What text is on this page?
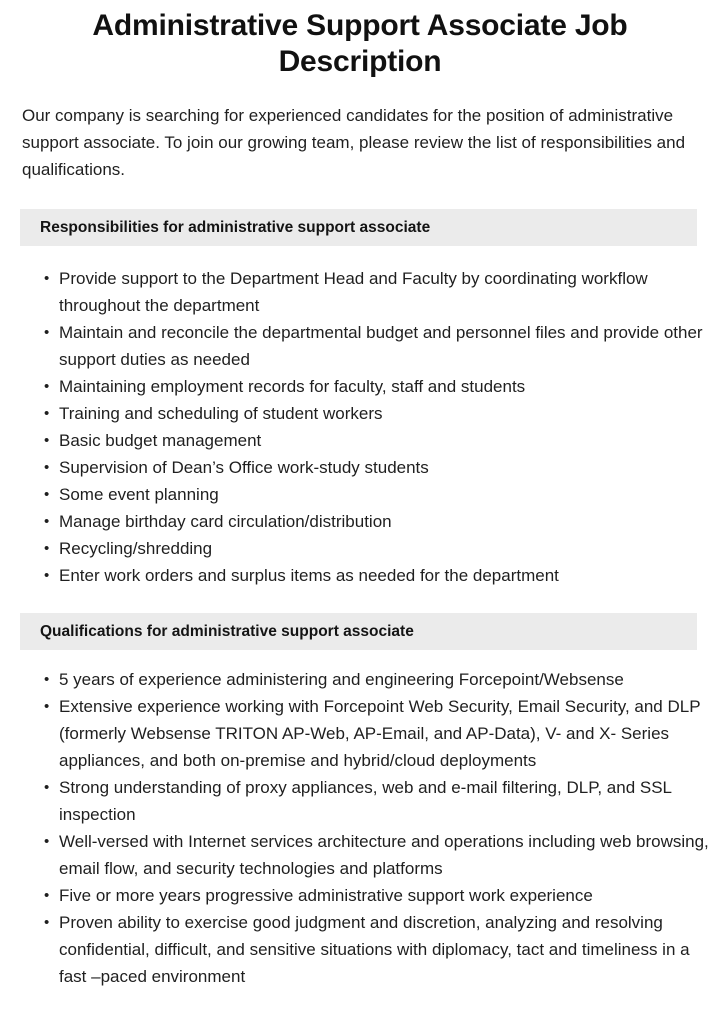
Administrative Support Associate Job Description

Our company is searching for experienced candidates for the position of administrative support associate. To join our growing team, please review the list of responsibilities and qualifications.

Responsibilities for administrative support associate
• Provide support to the Department Head and Faculty by coordinating workflow throughout the department
• Maintain and reconcile the departmental budget and personnel files and provide other support duties as needed
• Maintaining employment records for faculty, staff and students
• Training and scheduling of student workers
• Basic budget management
• Supervision of Dean’s Office work-study students
• Some event planning
• Manage birthday card circulation/distribution
• Recycling/shredding
• Enter work orders and surplus items as needed for the department
Qualifications for administrative support associate
• 5 years of experience administering and engineering Forcepoint/Websense
• Extensive experience working with Forcepoint Web Security, Email Security, and DLP (formerly Websense TRITON AP-Web, AP-Email, and AP-Data), V- and X- Series appliances, and both on-premise and hybrid/cloud deployments
• Strong understanding of proxy appliances, web and e-mail filtering, DLP, and SSL inspection
• Well-versed with Internet services architecture and operations including web browsing, email flow, and security technologies and platforms
• Five or more years progressive administrative support work experience
• Proven ability to exercise good judgment and discretion, analyzing and resolving confidential, difficult, and sensitive situations with diplomacy, tact and timeliness in a fast –paced environment
